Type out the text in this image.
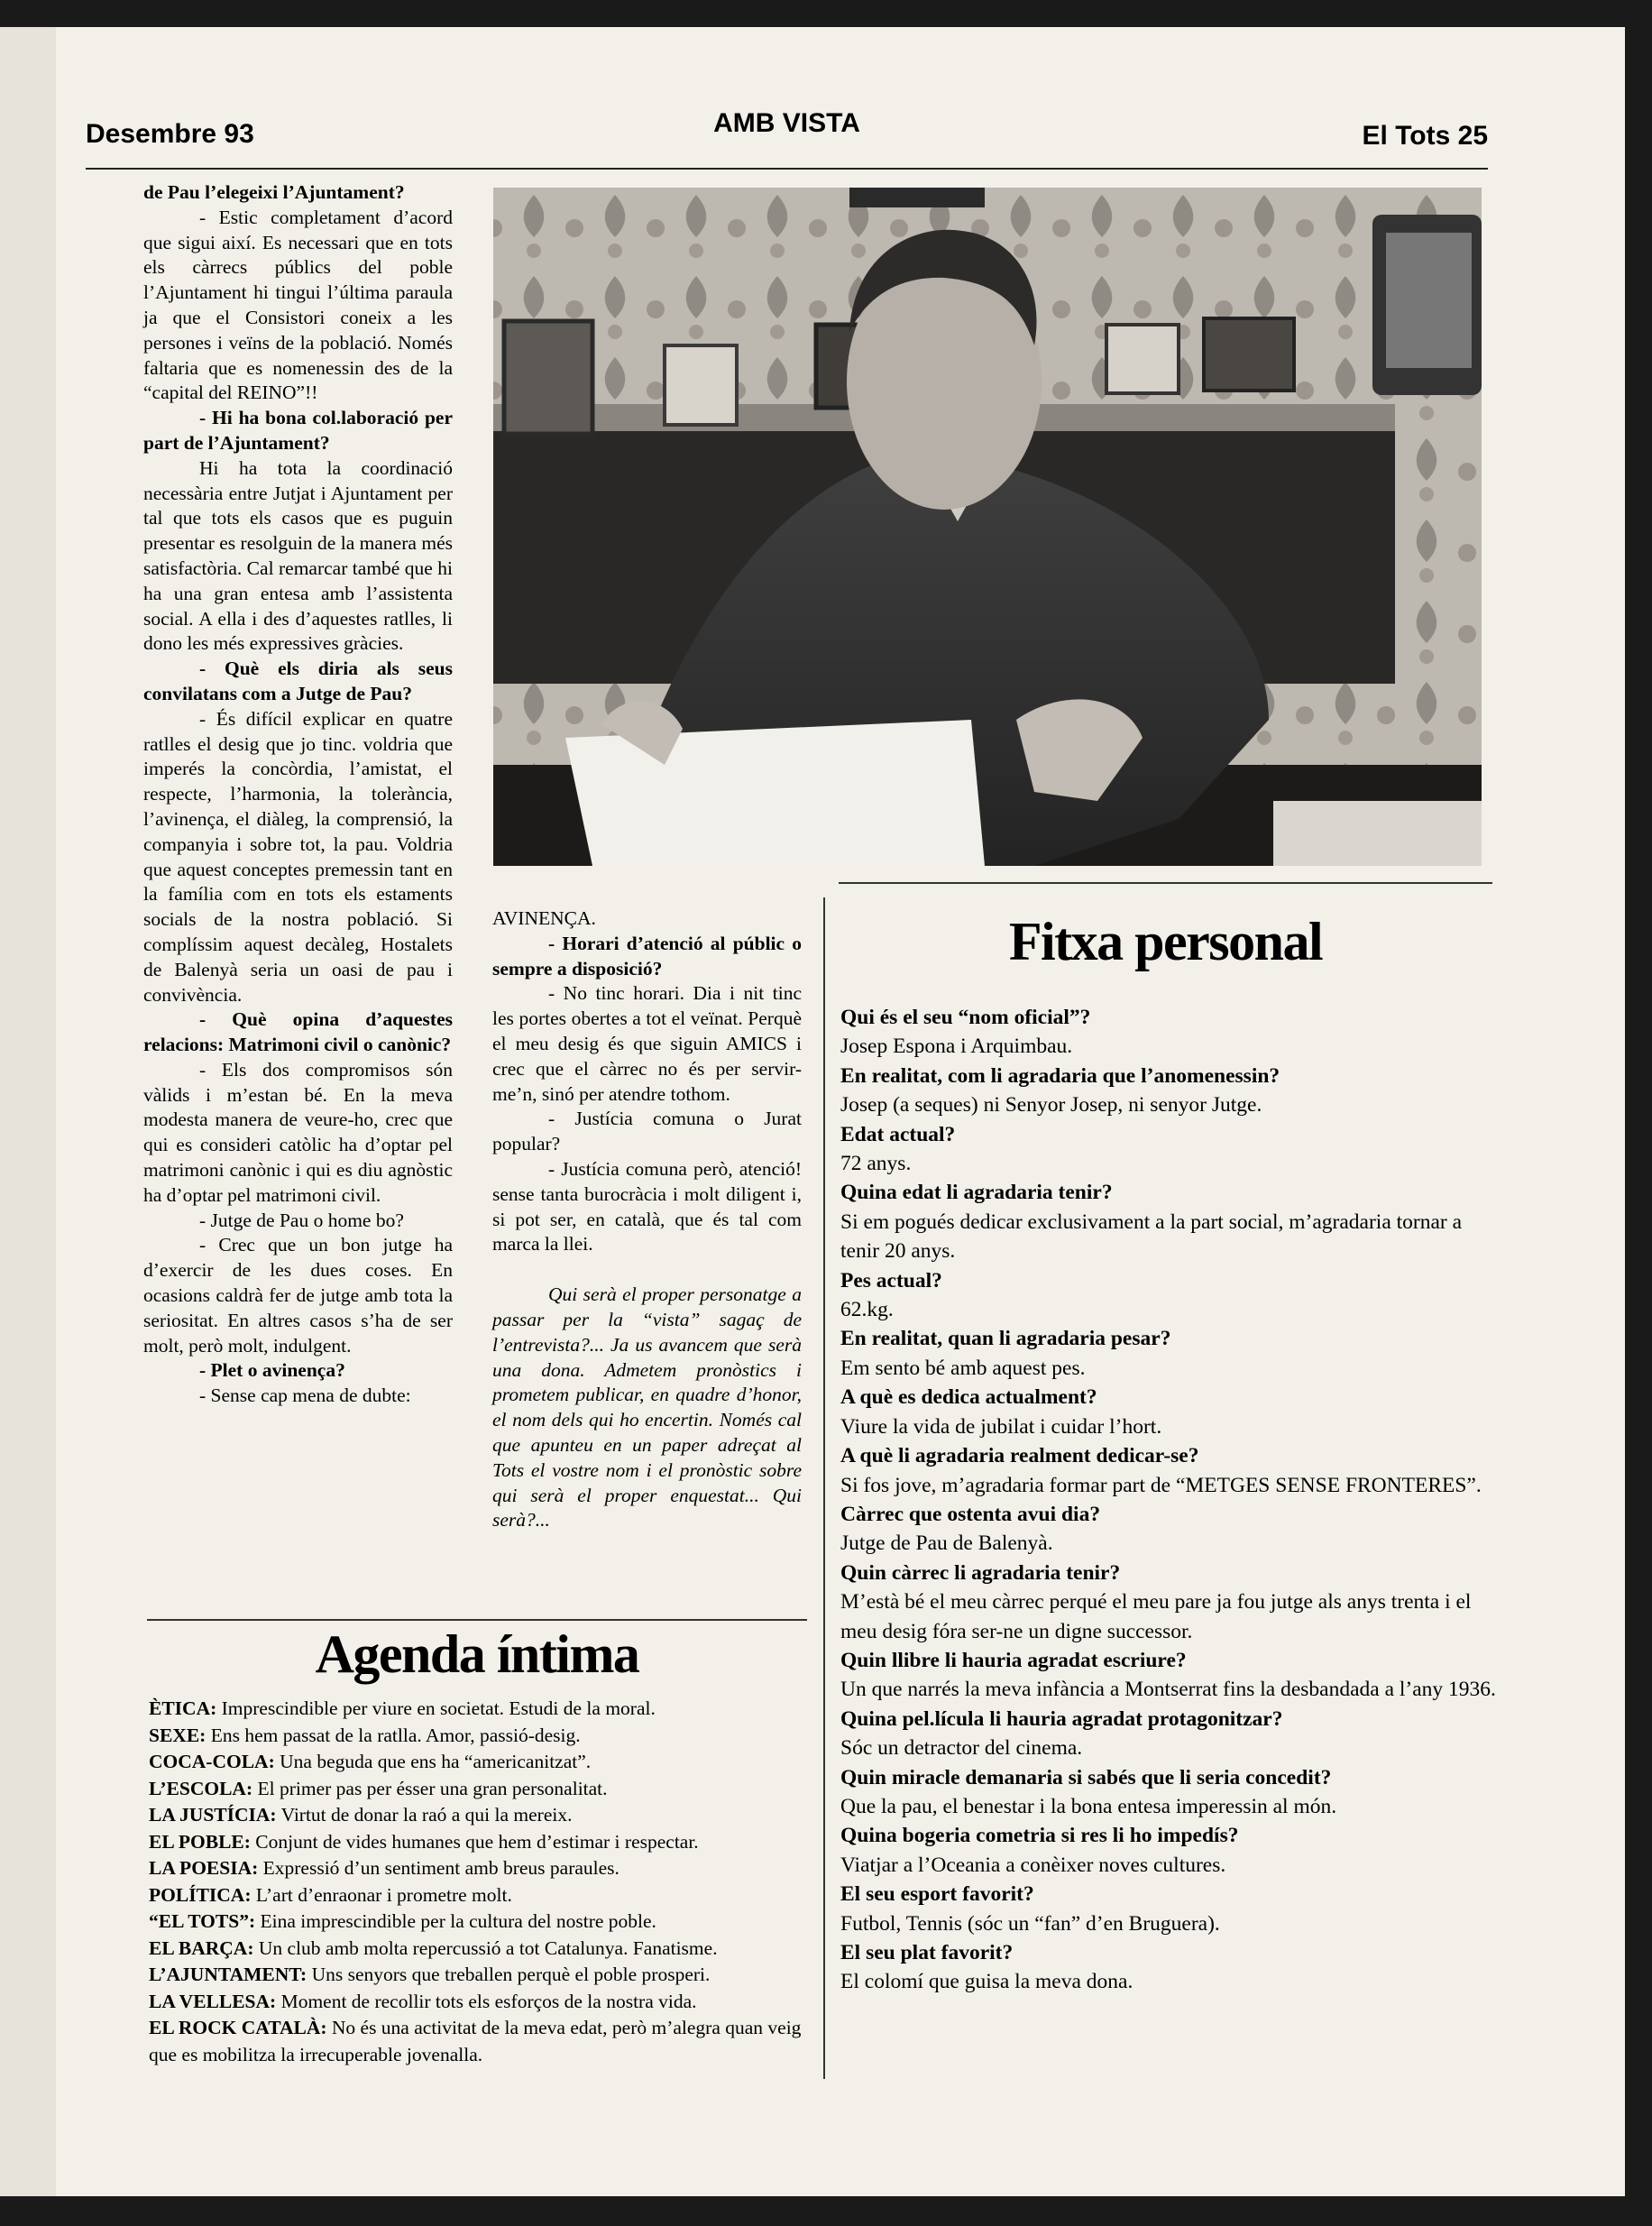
Desembre 93	AMB VISTA	El Tots 25

de Pau l’elegeixi l’Ajuntament?

- Estic completament d’acord que sigui així. Es necessari que en tots els càrrecs públics del poble l’Ajuntament hi tingui l’última paraula ja que el Consistori coneix a les persones i veïns de la població. Només faltaria que es nomenessin des de la “capital del REINO”!!

- Hi ha bona col.laboració per part de l’Ajuntament?

Hi ha tota la coordinació necessària entre Jutjat i Ajuntament per tal que tots els casos que es puguin presentar es resolguin de la manera més satisfactòria. Cal remarcar també que hi ha una gran entesa amb l’assistenta social. A ella i des d’aquestes ratlles, li dono les més expressives gràcies.

- Què els diria als seus convilatans com a Jutge de Pau?

- És difícil explicar en quatre ratlles el desig que jo tinc. voldria que imperés la concòrdia, l’amistat, el respecte, l’harmonia, la tolerància, l’avinença, el diàleg, la comprensió, la companyia i sobre tot, la pau. Voldria que aquest conceptes premessin tant en la família com en tots els estaments socials de la nostra població. Si complíssim aquest decàleg, Hostalets de Balenyà seria un oasi de pau i convivència.

- Què opina d’aquestes relacions: Matrimoni civil o canònic?

- Els dos compromisos són vàlids i m’estan bé. En la meva modesta manera de veure-ho, crec que qui es consideri catòlic ha d’optar pel matrimoni canònic i qui es diu agnòstic ha d’optar pel matrimoni civil.

- Jutge de Pau o home bo?

- Crec que un bon jutge ha d’exercir de les dues coses. En ocasions caldrà fer de jutge amb tota la seriositat. En altres casos s’ha de ser molt, però molt, indulgent.

- Plet o avinença?

- Sense cap mena de dubte:

AVINENÇA.

- Horari d’atenció al públic o sempre a disposició?

- No tinc horari. Dia i nit tinc les portes obertes a tot el veïnat. Perquè el meu desig és que siguin AMICS i crec que el càrrec no és per servir-me’n, sinó per atendre tothom.

- Justícia comuna o Jurat popular?

- Justícia comuna però, atenció! sense tanta burocràcia i molt diligent i, si pot ser, en català, que és tal com marca la llei.

Qui serà el proper personatge a passar per la “vista” sagaç de l’entrevista?... Ja us avancem que serà una dona. Admetem pronòstics i prometem publicar, en quadre d’honor, el nom dels qui ho encertin. Només cal que apunteu en un paper adreçat al Tots el vostre nom i el pronòstic sobre qui serà el proper enquestat... Qui serà?...

Agenda íntima

ÈTICA: Imprescindible per viure en societat. Estudi de la moral.

SEXE: Ens hem passat de la ratlla. Amor, passió-desig.

COCA-COLA: Una beguda que ens ha “americanitzat”.

L’ESCOLA: El primer pas per ésser una gran personalitat.

LA JUSTÍCIA: Virtut de donar la raó a qui la mereix.

EL POBLE: Conjunt de vides humanes que hem d’estimar i respectar.

LA POESIA: Expressió d’un sentiment amb breus paraules.

POLÍTICA: L’art d’enraonar i prometre molt.

“EL TOTS”: Eina imprescindible per la cultura del nostre poble.

EL BARÇA: Un club amb molta repercussió a tot Catalunya. Fanatisme.

L’AJUNTAMENT: Uns senyors que treballen perquè el poble prosperi.

LA VELLESA: Moment de recollir tots els esforços de la nostra vida.

EL ROCK CATALÀ: No és una activitat de la meva edat, però m’alegra quan veig que es mobilitza la irrecuperable jovenalla.

Fitxa personal

Qui és el seu “nom oficial”?

Josep Espona i Arquimbau.

En realitat, com li agradaria que l’anomenessin?

Josep (a seques) ni Senyor Josep, ni senyor Jutge.

Edat actual?

72 anys.

Quina edat li agradaria tenir?

Si em pogués dedicar exclusivament a la part social, m’agradaria tornar a tenir 20 anys.

Pes actual?

62.kg.

En realitat, quan li agradaria pesar?

Em sento bé amb aquest pes.

A què es dedica actualment?

Viure la vida de jubilat i cuidar l’hort.

A què li agradaria realment dedicar-se?

Si fos jove, m’agradaria formar part de “METGES SENSE FRONTERES”.

Càrrec que ostenta avui dia?

Jutge de Pau de Balenyà.

Quin càrrec li agradaria tenir?

M’està bé el meu càrrec perqué el meu pare ja fou jutge als anys trenta i el meu desig fóra ser-ne un digne successor.

Quin llibre li hauria agradat escriure?

Un que narrés la meva infància a Montserrat fins la desbandada a l’any 1936.

Quina pel.lícula li hauria agradat protagonitzar?

Sóc un detractor del cinema.

Quin miracle demanaria si sabés que li seria concedit?

Que la pau, el benestar i la bona entesa imperessin al món.

Quina bogeria cometria si res li ho impedís?

Viatjar a l’Oceania a conèixer noves cultures.

El seu esport favorit?

Futbol, Tennis (sóc un “fan” d’en Bruguera).

El seu plat favorit?

El colomí que guisa la meva dona.
